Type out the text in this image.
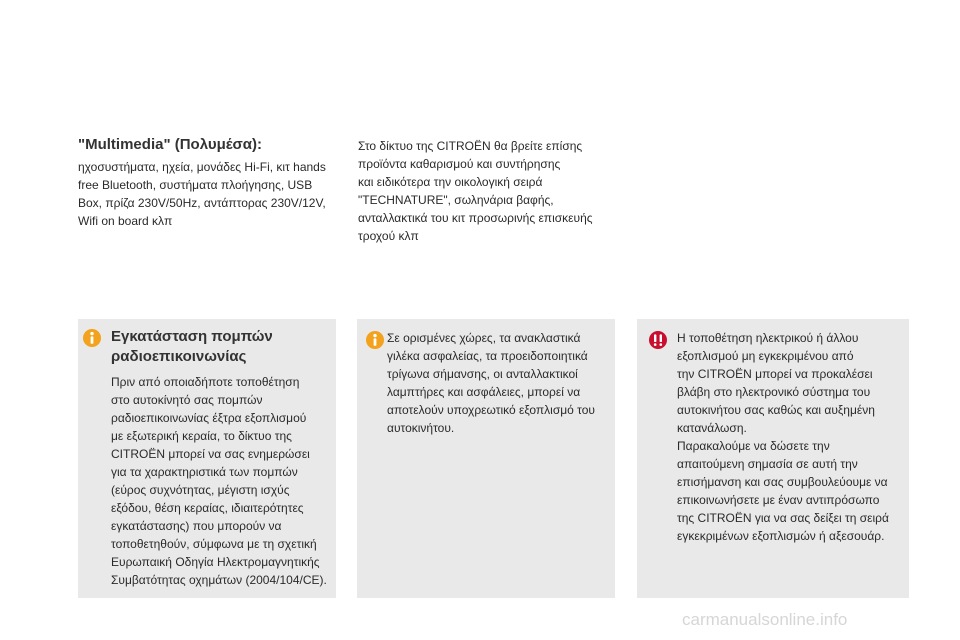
"Multimedia" (Πολυμέσα):
ηχοσυστήματα, ηχεία, μονάδες Hi-Fi, κιτ hands
free Bluetooth, συστήματα πλοήγησης, USB
Box, πρίζα 230V/50Hz, αντάπτορας 230V/12V,
Wifi on board κλπ
Στο δίκτυο της CITROËN θα βρείτε επίσης
προϊόντα καθαρισμού και συντήρησης
και ειδικότερα την οικολογική σειρά
"TECHNATURE", σωληνάρια βαφής,
ανταλλακτικά του κιτ προσωρινής επισκευής
τροχού κλπ
Εγκατάσταση πομπών
ραδιοεπικοινωνίας
Πριν από οποιαδήποτε τοποθέτηση
στο αυτοκίνητό σας πομπών
ραδιοεπικοινωνίας έξτρα εξοπλισμού
με εξωτερική κεραία, το δίκτυο της
CITROËN μπορεί να σας ενημερώσει
για τα χαρακτηριστικά των πομπών
(εύρος συχνότητας, μέγιστη ισχύς
εξόδου, θέση κεραίας, ιδιαιτερότητες
εγκατάστασης) που μπορούν να
τοποθετηθούν, σύμφωνα με τη σχετική
Ευρωπαική Οδηγία Ηλεκτρομαγνητικής
Συμβατότητας οχημάτων (2004/104/CE).
Σε ορισμένες χώρες, τα ανακλαστικά
γιλέκα ασφαλείας, τα προειδοποιητικά
τρίγωνα σήμανσης, οι ανταλλακτικοί
λαμπτήρες και ασφάλειες, μπορεί να
αποτελούν υποχρεωτικό εξοπλισμό του
αυτοκινήτου.
Η τοποθέτηση ηλεκτρικού ή άλλου
εξοπλισμού μη εγκεκριμένου από
την CITROËN μπορεί να προκαλέσει
βλάβη στο ηλεκτρονικό σύστημα του
αυτοκινήτου σας καθώς και αυξημένη
κατανάλωση.
Παρακαλούμε να δώσετε την
απαιτούμενη σημασία σε αυτή την
επισήμανση και σας συμβουλεύουμε να
επικοινωνήσετε με έναν αντιπρόσωπο
της CITROËN για να σας δείξει τη σειρά
εγκεκριμένων εξοπλισμών ή αξεσουάρ.
carmanualsonline.info
